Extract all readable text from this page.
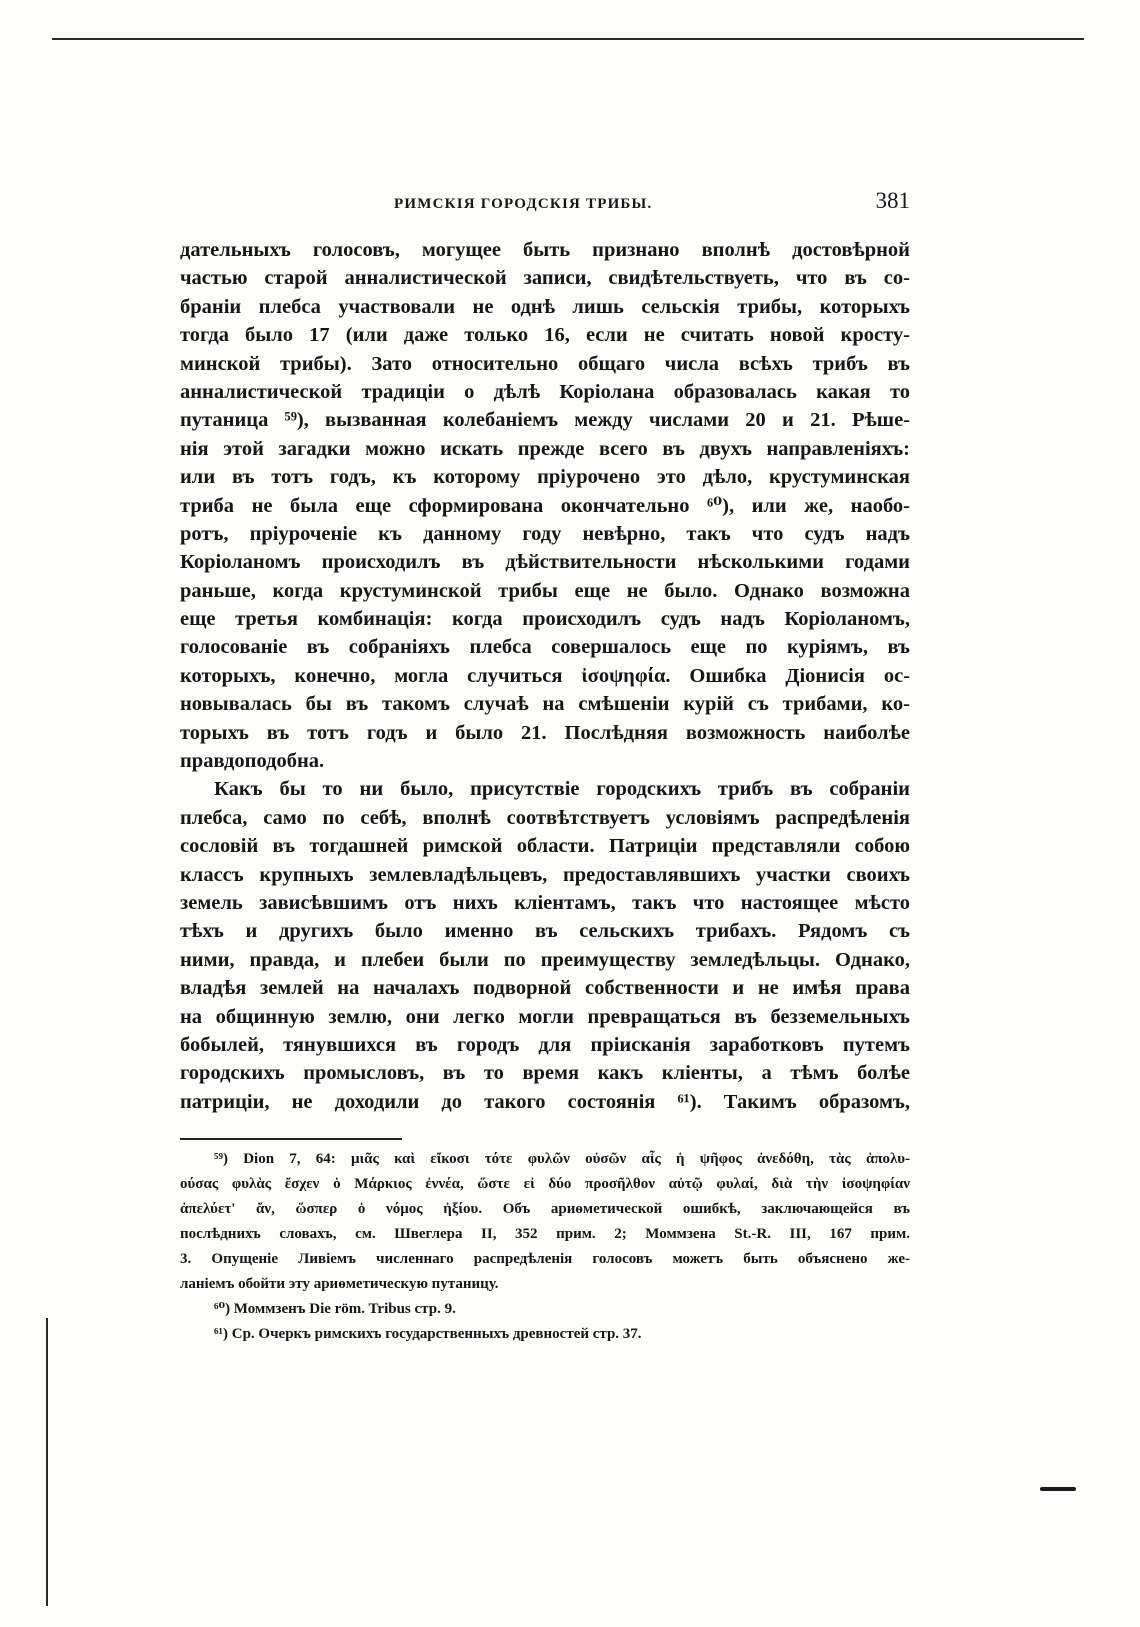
РИМСКІЯ ГОРОДСКІЯ ТРИБЫ.	381
дательныхъ голосовъ, могущее быть признано вполнѣ достовѣрной
частью старой анналистической записи, свидѣтельствуеть, что въ со-
браніи плебса участвовали не однѣ лишь сельскія трибы, которыхъ
тогда было 17 (или даже только 16, если не считать новой кросту-
минской трибы). Зато относительно общаго числа всѣхъ трибъ въ
анналистической традиціи о дѣлѣ Коріолана образовалась какая то
путаница ⁵⁹), вызванная колебаніемъ между числами 20 и 21. Рѣше-
нія этой загадки можно искать прежде всего въ двухъ направленіяхъ:
или въ тотъ годъ, къ которому пріурочено это дѣло, крустуминская
триба не была еще сформирована окончательно ⁶⁰), или же, наобо-
ротъ, пріуроченіе къ данному году невѣрно, такъ что судъ надъ
Коріоланомъ происходилъ въ дѣйствительности нѣсколькими годами
раньше, когда крустуминской трибы еще не было. Однако возможна
еще третья комбинація: когда происходилъ судъ надъ Коріоланомъ,
голосованіе въ собраніяхъ плебса совершалось еще по куріямъ, въ
которыхъ, конечно, могла случиться ἰσοψηφία. Ошибка Діонисія ос-
новывалась бы въ такомъ случаѣ на смѣшеніи курій съ трибами, ко-
торыхъ въ тотъ годъ и было 21. Послѣдняя возможность наиболѣе
правдоподобна.
Какъ бы то ни было, присутствіе городскихъ трибъ въ собраніи
плебса, само по себѣ, вполнѣ соотвѣтствуетъ условіямъ распредѣленія
сословій въ тогдашней римской области. Патриціи представляли собою
классъ крупныхъ землевладѣльцевъ, предоставлявшихъ участки своихъ
земель зависѣвшимъ отъ нихъ кліентамъ, такъ что настоящее мѣсто
тѣхъ и другихъ было именно въ сельскихъ трибахъ. Рядомъ съ
ними, правда, и плебеи были по преимуществу земледѣльцы. Однако,
владѣя землей на началахъ подворной собственности и не имѣя права
на общинную землю, они легко могли превращаться въ безземельныхъ
бобылей, тянувшихся въ городъ для пріисканія заработковъ путемъ
городскихъ промысловъ, въ то время какъ кліенты, а тѣмъ болѣе
патриціи, не доходили до такого состоянія ⁶¹). Такимъ образомъ,
⁵⁹) Dion 7, 64: μιᾶς καὶ εἴκοσι τότε φυλῶν οὐσῶν αἷς ἡ ψῆφος ἀνεδόθη, τὰς ἀπολυ-
ούσας φυλὰς ἔσχεν ὁ Μάρκιος ἐννέα, ὥστε εἰ δύο προσῆλθον αὐτῷ φυλαί, διὰ τὴν ἰσοψηφίαν
ἀπελύετ' ἄν, ὥσπερ ὁ νόμος ἠξίου. Объ ариѳметической ошибкѣ, заключающейся въ
послѣднихъ словахъ, см. Швеглера II, 352 прим. 2; Моммзена St.-R. III, 167 прим.
3. Опущеніе Ливіемъ численнаго распредѣленія голосовъ можетъ быть объяснено же-
ланіемъ обойти эту ариѳметическую путаницу.
⁶⁰) Моммзенъ Die röm. Tribus стр. 9.
⁶¹) Ср. Очеркъ римскихъ государственныхъ древностей стр. 37.
